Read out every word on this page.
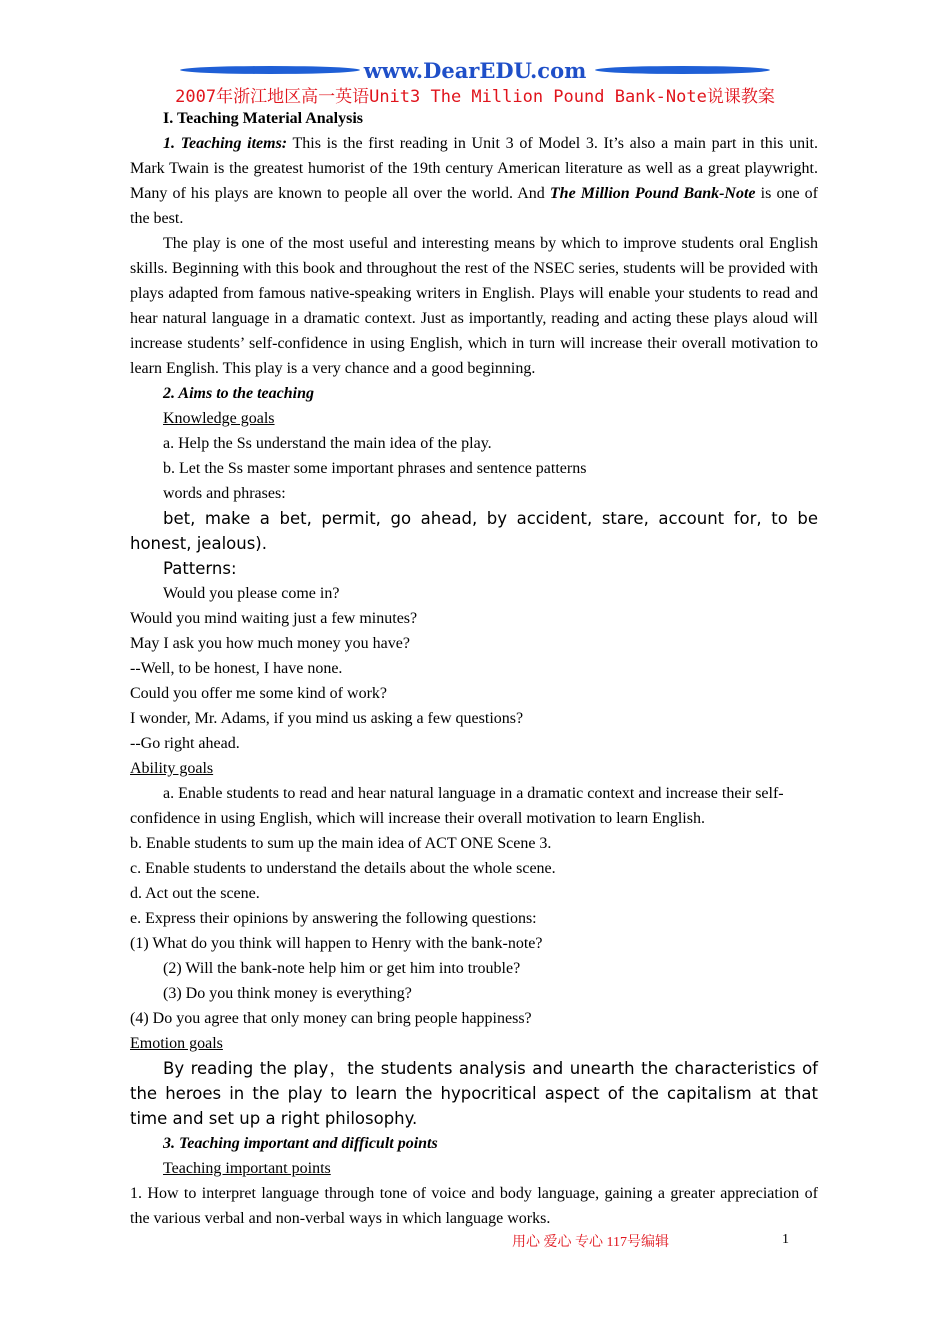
www.DearEDU.com
2007年浙江地区高一英语Unit3 The Million Pound Bank-Note说课教案

I. Teaching Material Analysis

1. Teaching items: This is the first reading in Unit 3 of Model 3. It’s also a main part in this unit. Mark Twain is the greatest humorist of the 19th century American literature as well as a great playwright. Many of his plays are known to people all over the world. And The Million Pound Bank-Note is one of the best.

The play is one of the most useful and interesting means by which to improve students oral English skills. Beginning with this book and throughout the rest of the NSEC series, students will be provided with plays adapted from famous native-speaking writers in English. Plays will enable your students to read and hear natural language in a dramatic context. Just as importantly, reading and acting these plays aloud will increase students’ self-confidence in using English, which in turn will increase their overall motivation to learn English. This play is a very chance and a good beginning.

2. Aims to the teaching

Knowledge goals

a. Help the Ss understand the main idea of the play.

b. Let the Ss master some important phrases and sentence patterns

words and phrases:

bet, make a bet, permit, go ahead, by accident, stare, account for, to be honest, jealous).

Patterns:

Would you please come in?

Would you mind waiting just a few minutes?

May I ask you how much money you have?

--Well, to be honest, I have none.

Could you offer me some kind of work?

I wonder, Mr. Adams, if you mind us asking a few questions?

--Go right ahead.

Ability goals

a. Enable students to read and hear natural language in a dramatic context and increase their self-confidence in using English, which will increase their overall motivation to learn English.

b. Enable students to sum up the main idea of ACT ONE Scene 3.

c. Enable students to understand the details about the whole scene.

d. Act out the scene.

e. Express their opinions by answering the following questions:

(1) What do you think will happen to Henry with the bank-note?

(2) Will the bank-note help him or get him into trouble?

(3) Do you think money is everything?

(4) Do you agree that only money can bring people happiness?

Emotion goals

By reading the play，the students analysis and unearth the characteristics of the heroes in the play to learn the hypocritical aspect of the capitalism at that time and set up a right philosophy.

3. Teaching important and difficult points

Teaching important points

1. How to interpret language through tone of voice and body language, gaining a greater appreciation of the various verbal and non-verbal ways in which language works.

用心 爱心 专心 117号编辑	1
